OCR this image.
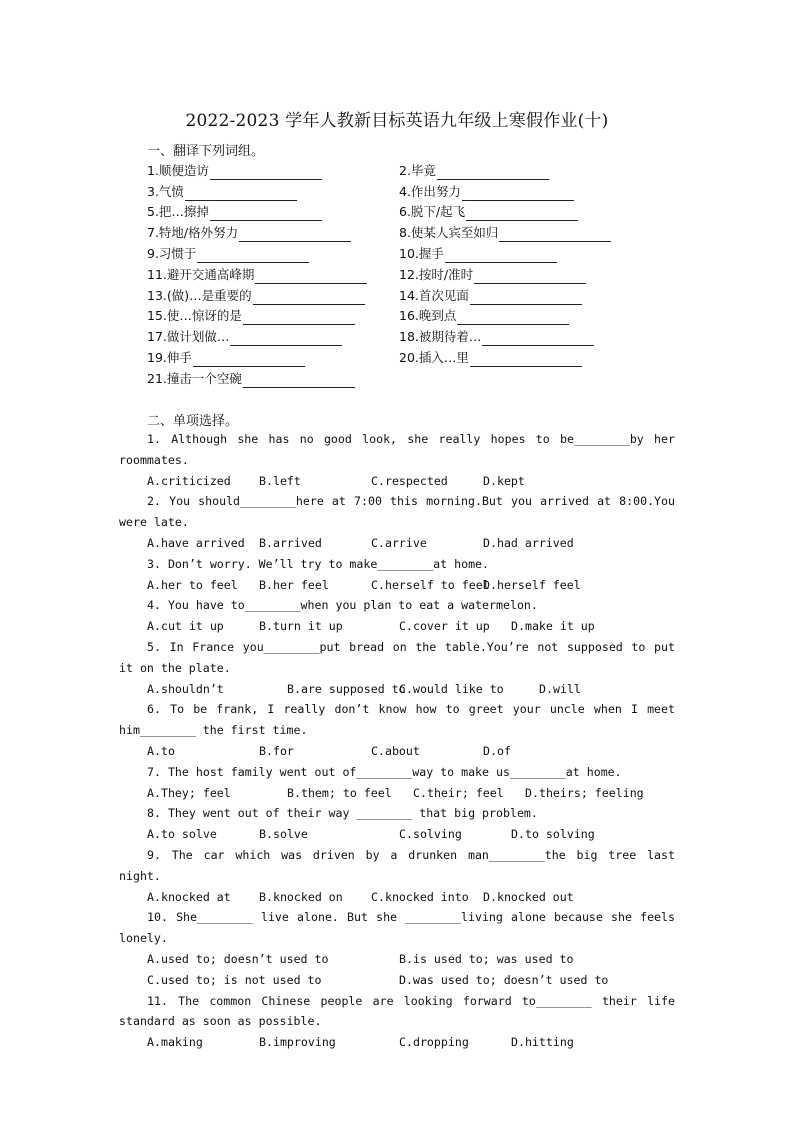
2022-2023 学年人教新目标英语九年级上寒假作业(十)
一、翻译下列词组。
1.顺便造访	2.毕竟
3.气愤	4.作出努力
5.把…擦掉	6.脱下/起飞
7.特地/格外努力	8.使某人宾至如归
9.习惯于	10.握手
11.避开交通高峰期	12.按时/准时
13.(做)…是重要的	14.首次见面
15.使…惊讶的是	16.晚到点
17.做计划做…	18.被期待着…
19.伸手	20.插入…里
21.撞击一个空碗
二、单项选择。
1. Although she has no good look, she really hopes to be________by her roommates.
A.criticized	B.left	C.respected	D.kept
2. You should________here at 7:00 this morning.But you arrived at 8:00.You were late.
A.have arrived	B.arrived	C.arrive	D.had arrived
3. Don’t worry. We’ll try to make________at home.
A.her to feel	B.her feel	C.herself to feel
D.herself feel
4. You have to________when you plan to eat a watermelon.
A.cut it up	B.turn it up	C.cover it up	D.make it up
5. In France you________put bread on the table.You’re not supposed to put it on the plate.
A.shouldn’t	B.are supposed to
C.would like to	D.will
6. To be frank, I really don’t know how to greet your uncle when I meet him________ the first time.
A.to	B.for	C.about	D.of
7. The host family went out of________way to make us________at home.
A.They; feel	B.them; to feel	C.their; feel	D.theirs; feeling
8. They went out of their way ________ that big problem.
A.to solve	B.solve	C.solving	D.to solving
9. The car which was driven by a drunken man________the big tree last night.
A.knocked at	B.knocked on	C.knocked into	D.knocked out
10. She________ live alone. But she ________living alone because she feels lonely.
A.used to; doesn’t used to	B.is used to; was used to
C.used to; is not used to	D.was used to; doesn’t used to
11. The common Chinese people are looking forward to________ their life standard as soon as possible.
A.making	B.improving	C.dropping	D.hitting
